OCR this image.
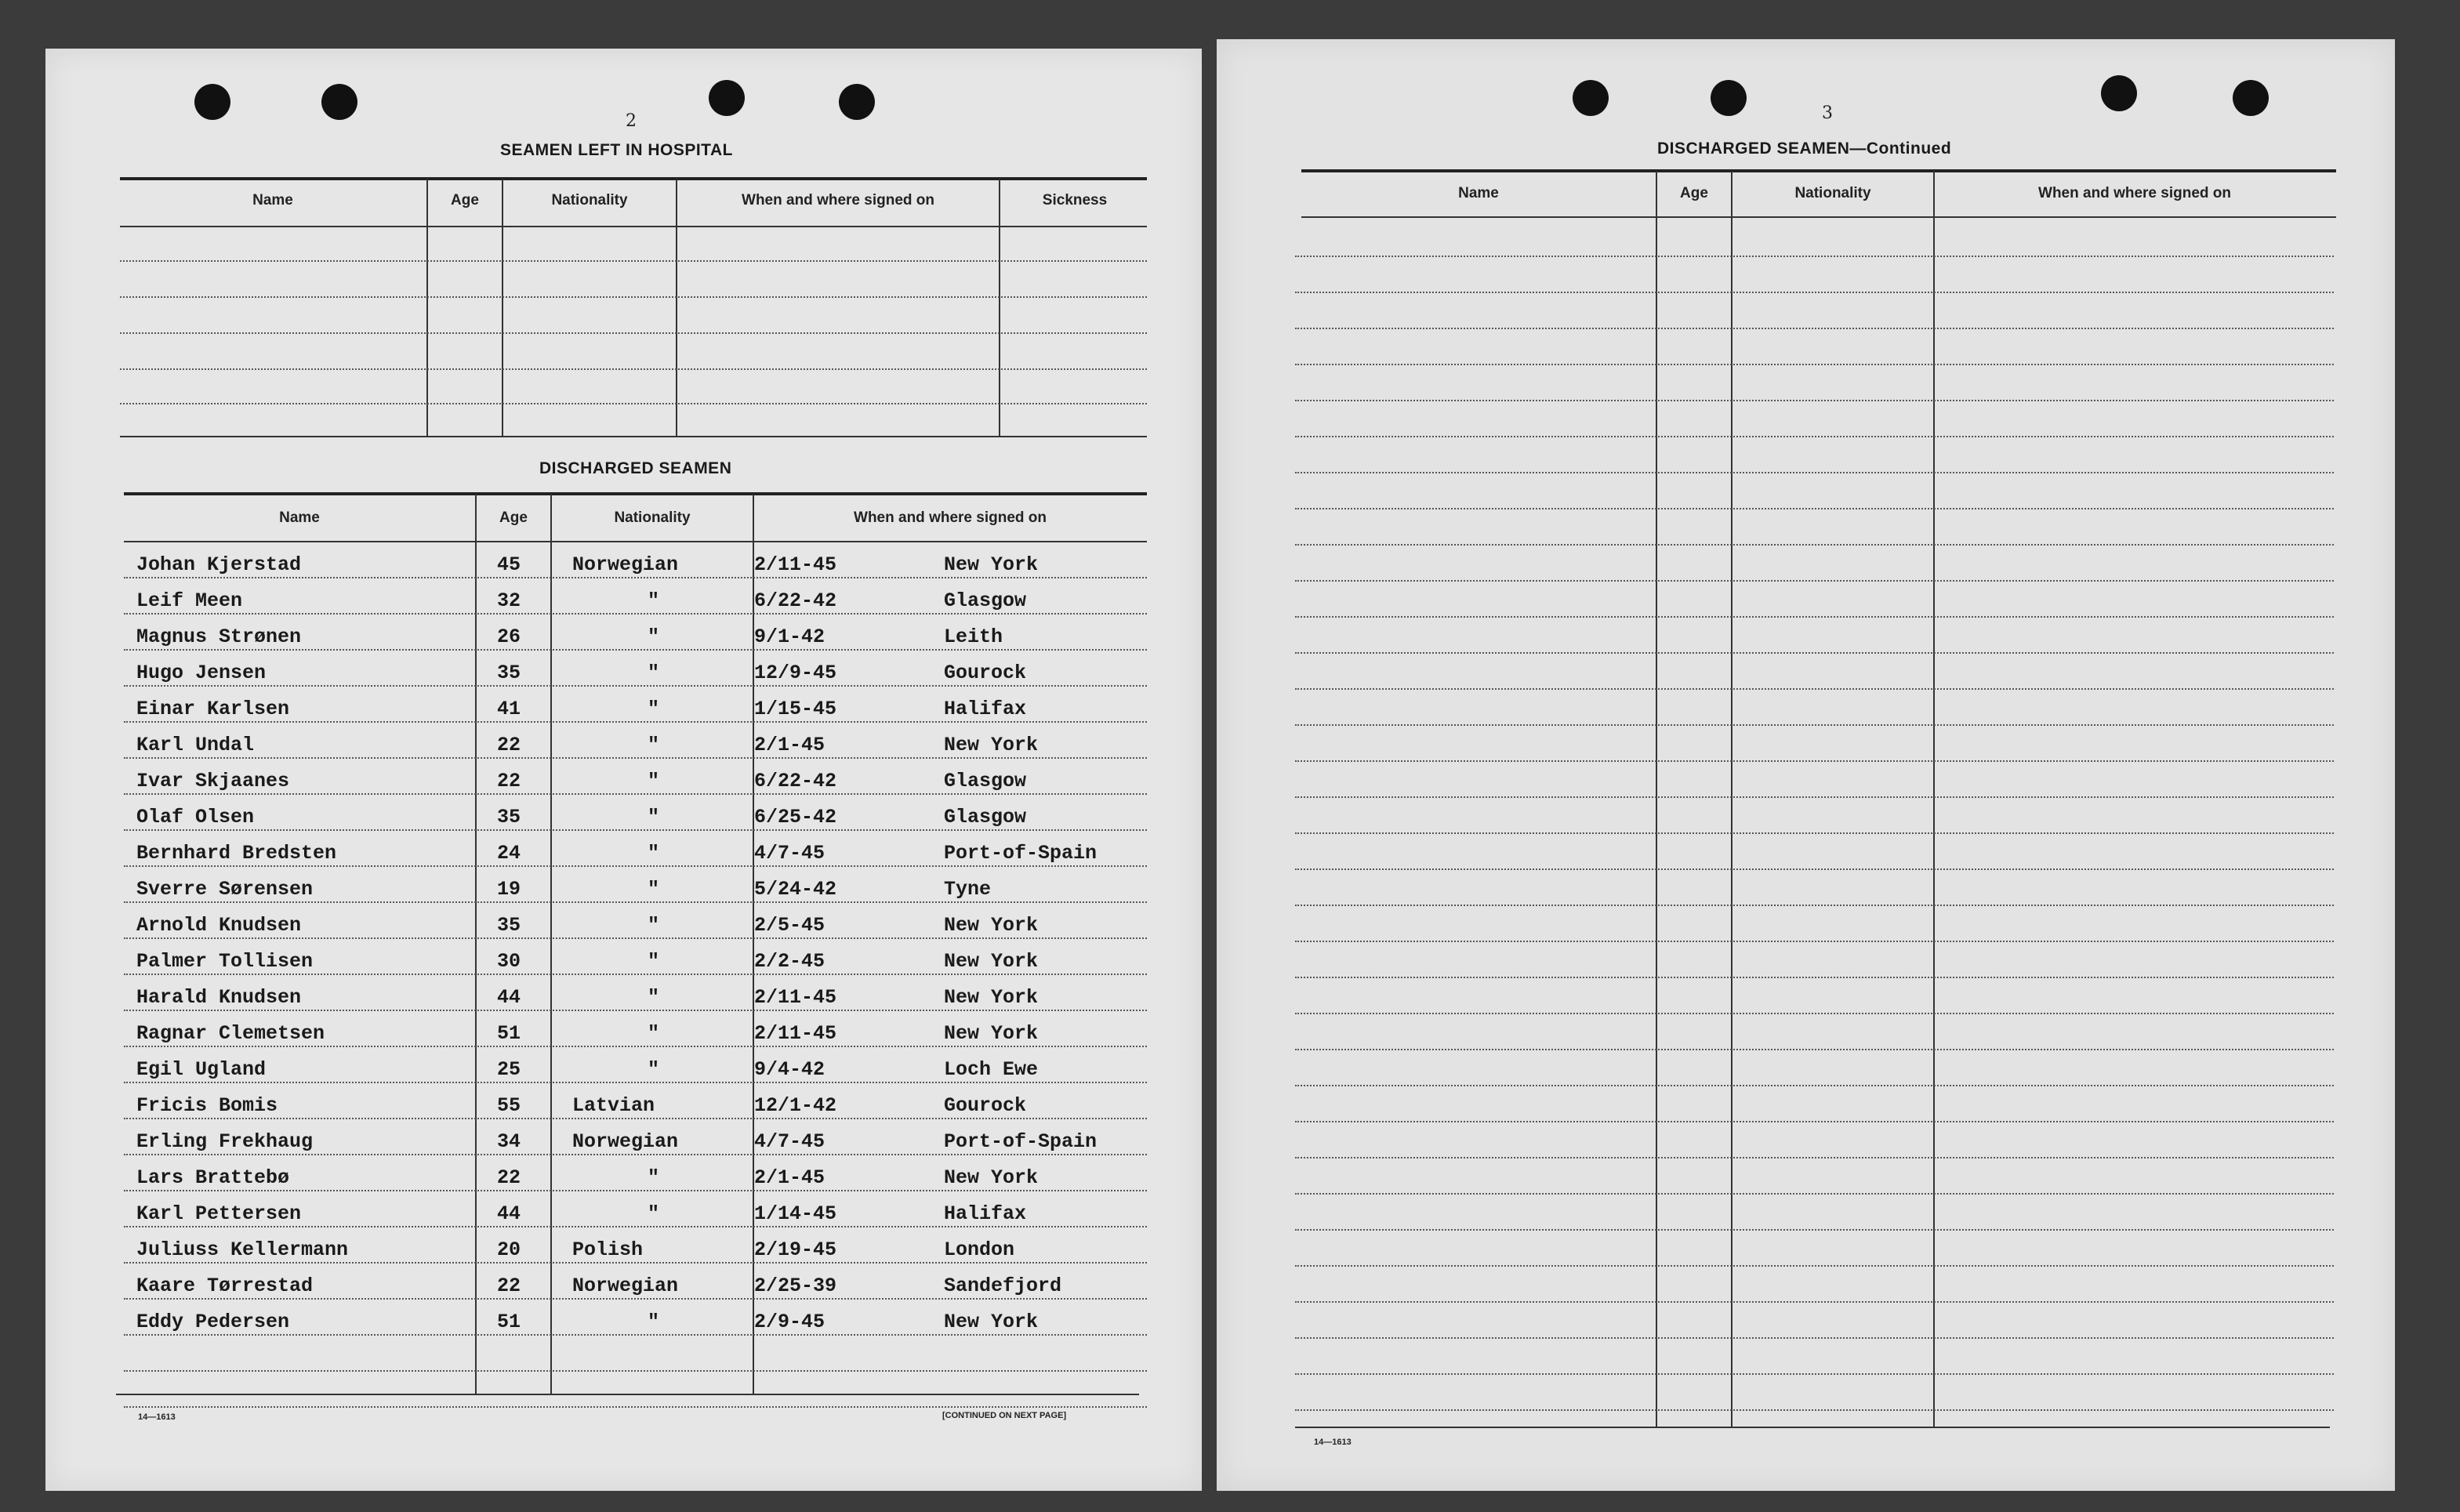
2
SEAMEN LEFT IN HOSPITAL
Name	Age	Nationality	When and where signed on	Sickness
DISCHARGED SEAMEN
Name	Age	Nationality	When and where signed on
Johan Kjerstad	45	Norwegian	2/11-45	New York
Leif Meen	32	"	6/22-42	Glasgow
Magnus Strønen	26	"	9/1-42	Leith
Hugo Jensen	35	"	12/9-45	Gourock
Einar Karlsen	41	"	1/15-45	Halifax
Karl Undal	22	"	2/1-45	New York
Ivar Skjaanes	22	"	6/22-42	Glasgow
Olaf Olsen	35	"	6/25-42	Glasgow
Bernhard Bredsten	24	"	4/7-45	Port-of-Spain
Sverre Sørensen	19	"	5/24-42	Tyne
Arnold Knudsen	35	"	2/5-45	New York
Palmer Tollisen	30	"	2/2-45	New York
Harald Knudsen	44	"	2/11-45	New York
Ragnar Clemetsen	51	"	2/11-45	New York
Egil Ugland	25	"	9/4-42	Loch Ewe
Fricis Bomis	55	Latvian	12/1-42	Gourock
Erling Frekhaug	34	Norwegian	4/7-45	Port-of-Spain
Lars Brattebø	22	"	2/1-45	New York
Karl Pettersen	44	"	1/14-45	Halifax
Juliuss Kellermann	20	Polish	2/19-45	London
Kaare Tørrestad	22	Norwegian	2/25-39	Sandefjord
Eddy Pedersen	51	"	2/9-45	New York
14—1613	[CONTINUED ON NEXT PAGE]

3
DISCHARGED SEAMEN—Continued
Name	Age	Nationality	When and where signed on
14—1613
